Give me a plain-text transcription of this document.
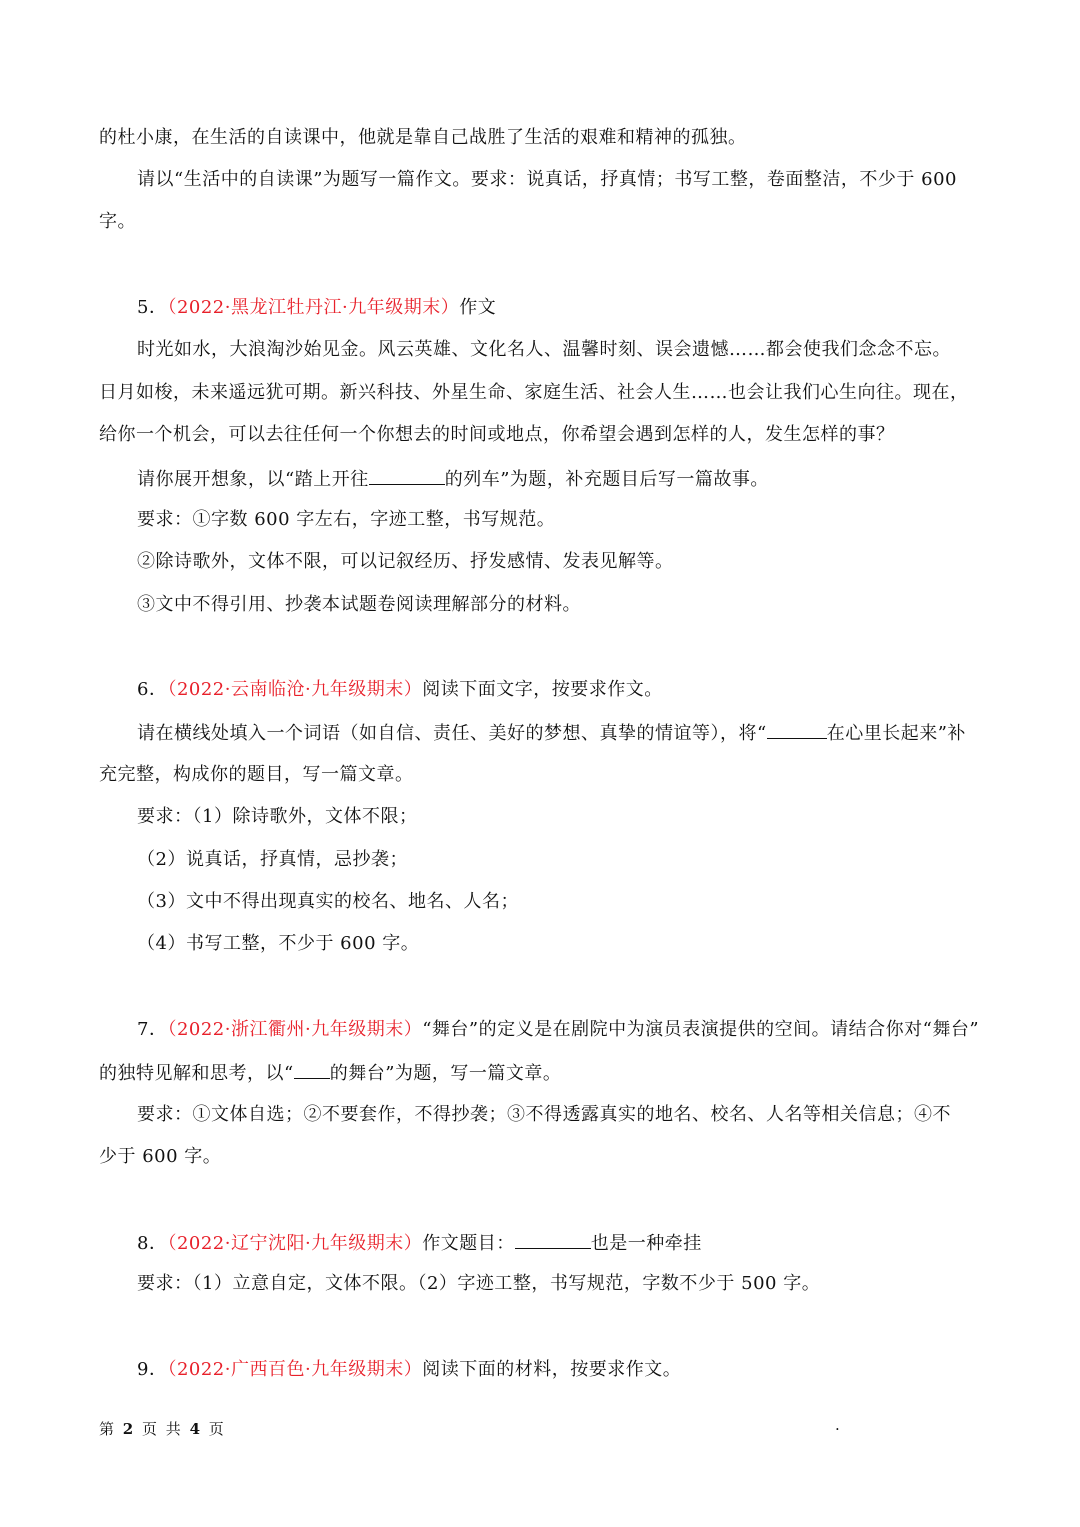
的杜小康，在生活的自读课中，他就是靠自己战胜了生活的艰难和精神的孤独。
请以“生活中的自读课”为题写一篇作文。要求：说真话，抒真情；书写工整，卷面整洁，不少于 600
字。
5．（2022·黑龙江牡丹江·九年级期末）作文
时光如水，大浪淘沙始见金。风云英雄、文化名人、温馨时刻、误会遗憾……都会使我们念念不忘。
日月如梭，未来遥远犹可期。新兴科技、外星生命、家庭生活、社会人生……也会让我们心生向往。现在，
给你一个机会，可以去往任何一个你想去的时间或地点，你希望会遇到怎样的人，发生怎样的事？
请你展开想象，以“踏上开往	的列车”为题，补充题目后写一篇故事。
要求：①字数 600 字左右，字迹工整，书写规范。
②除诗歌外，文体不限，可以记叙经历、抒发感情、发表见解等。
③文中不得引用、抄袭本试题卷阅读理解部分的材料。
6．（2022·云南临沧·九年级期末）阅读下面文字，按要求作文。
请在横线处填入一个词语（如自信、责任、美好的梦想、真挚的情谊等），将“	在心里长起来”补
充完整，构成你的题目，写一篇文章。
要求：（1）除诗歌外，文体不限；
（2）说真话，抒真情，忌抄袭；
（3）文中不得出现真实的校名、地名、人名；
（4）书写工整，不少于 600 字。
7．（2022·浙江衢州·九年级期末）“舞台”的定义是在剧院中为演员表演提供的空间。请结合你对“舞台”
的独特见解和思考，以“ 的舞台”为题，写一篇文章。
要求：①文体自选；②不要套作，不得抄袭；③不得透露真实的地名、校名、人名等相关信息；④不
少于 600 字。
8．（2022·辽宁沈阳·九年级期末）作文题目：	也是一种牵挂
要求：（1）立意自定，文体不限。（2）字迹工整，书写规范，字数不少于 500 字。
9．（2022·广西百色·九年级期末）阅读下面的材料，按要求作文。
第 2 页 共 4 页	.
